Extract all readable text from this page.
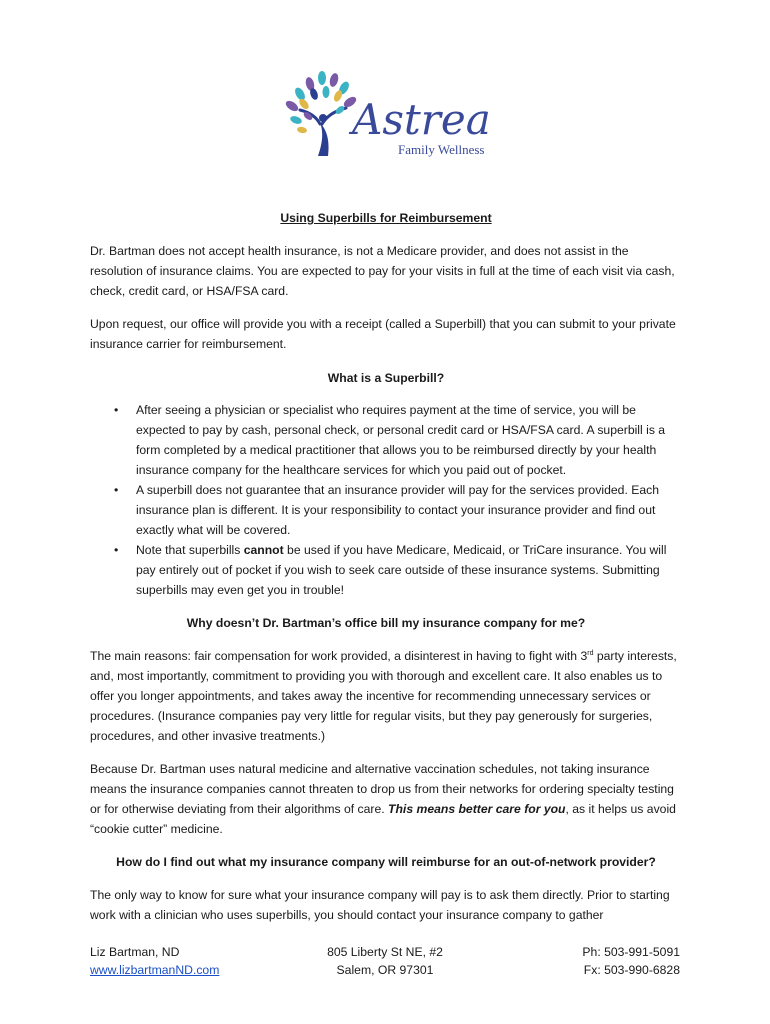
Astrea
Family Wellness
Using Superbills for Reimbursement

Dr. Bartman does not accept health insurance, is not a Medicare provider, and does not assist in the resolution of insurance claims. You are expected to pay for your visits in full at the time of each visit via cash, check, credit card, or HSA/FSA card.

Upon request, our office will provide you with a receipt (called a Superbill) that you can submit to your private insurance carrier for reimbursement.

What is a Superbill?
• After seeing a physician or specialist who requires payment at the time of service, you will be expected to pay by cash, personal check, or personal credit card or HSA/FSA card. A superbill is a form completed by a medical practitioner that allows you to be reimbursed directly by your health insurance company for the healthcare services for which you paid out of pocket.
• A superbill does not guarantee that an insurance provider will pay for the services provided. Each insurance plan is different. It is your responsibility to contact your insurance provider and find out exactly what will be covered.
• Note that superbills cannot be used if you have Medicare, Medicaid, or TriCare insurance. You will pay entirely out of pocket if you wish to seek care outside of these insurance systems. Submitting superbills may even get you in trouble!
Why doesn’t Dr. Bartman’s office bill my insurance company for me?

The main reasons: fair compensation for work provided, a disinterest in having to fight with 3rd party interests, and, most importantly, commitment to providing you with thorough and excellent care. It also enables us to offer you longer appointments, and takes away the incentive for recommending unnecessary services or procedures. (Insurance companies pay very little for regular visits, but they pay generously for surgeries, procedures, and other invasive treatments.)

Because Dr. Bartman uses natural medicine and alternative vaccination schedules, not taking insurance means the insurance companies cannot threaten to drop us from their networks for ordering specialty testing or for otherwise deviating from their algorithms of care. This means better care for you, as it helps us avoid “cookie cutter” medicine.

How do I find out what my insurance company will reimburse for an out-of-network provider?

The only way to know for sure what your insurance company will pay is to ask them directly. Prior to starting work with a clinician who uses superbills, you should contact your insurance company to gather

Liz Bartman, ND
www.lizbartmanND.com
805 Liberty St NE, #2
Salem, OR 97301
Ph: 503-991-5091
Fx: 503-990-6828
